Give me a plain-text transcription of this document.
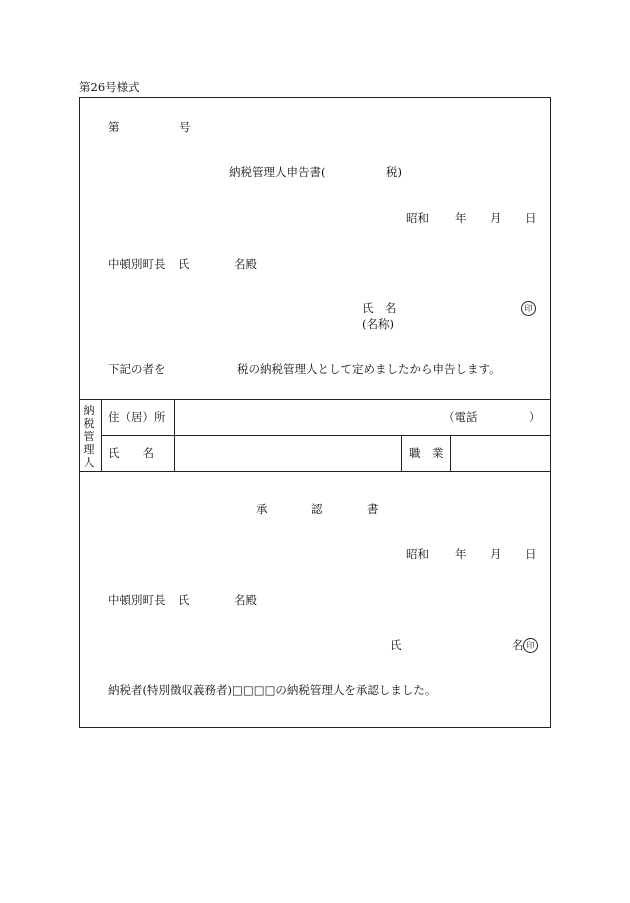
第26号様式
第	号
納税管理人申告書(	税)
昭和 年 月 日
中頓別町長 氏	名殿
氏　名
(名称)
印
下記の者を	税の納税管理人として定めましたから申告します。
納税管理人
住（居）所	（電話	）
氏　　名	職　業
承	認	書
昭和 年 月 日
中頓別町長 氏	名殿
氏	名 印
納税者(特別徴収義務者)□□□□の納税管理人を承認しました。
